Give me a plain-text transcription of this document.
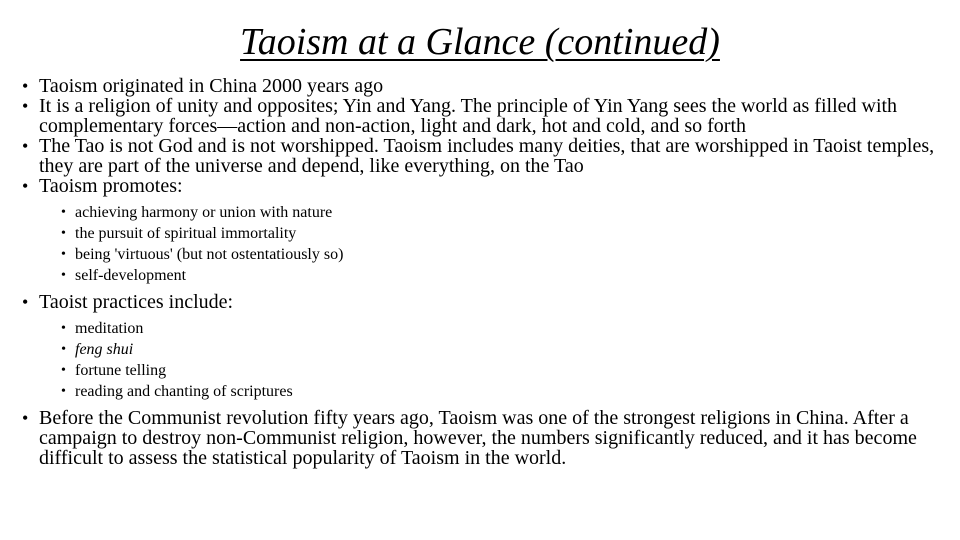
Taoism at a Glance (continued)
• Taoism originated in China 2000 years ago
• It is a religion of unity and opposites; Yin and Yang. The principle of Yin Yang sees the world as filled with complementary forces—action and non-action, light and dark, hot and cold, and so forth
• The Tao is not God and is not worshipped. Taoism includes many deities, that are worshipped in Taoist temples, they are part of the universe and depend, like everything, on the Tao
• Taoism promotes:
• achieving harmony or union with nature
• the pursuit of spiritual immortality
• being 'virtuous' (but not ostentatiously so)
• self-development
• Taoist practices include:
• meditation
• feng shui
• fortune telling
• reading and chanting of scriptures
• Before the Communist revolution fifty years ago, Taoism was one of the strongest religions in China. After a campaign to destroy non-Communist religion, however, the numbers significantly reduced, and it has become difficult to assess the statistical popularity of Taoism in the world.
